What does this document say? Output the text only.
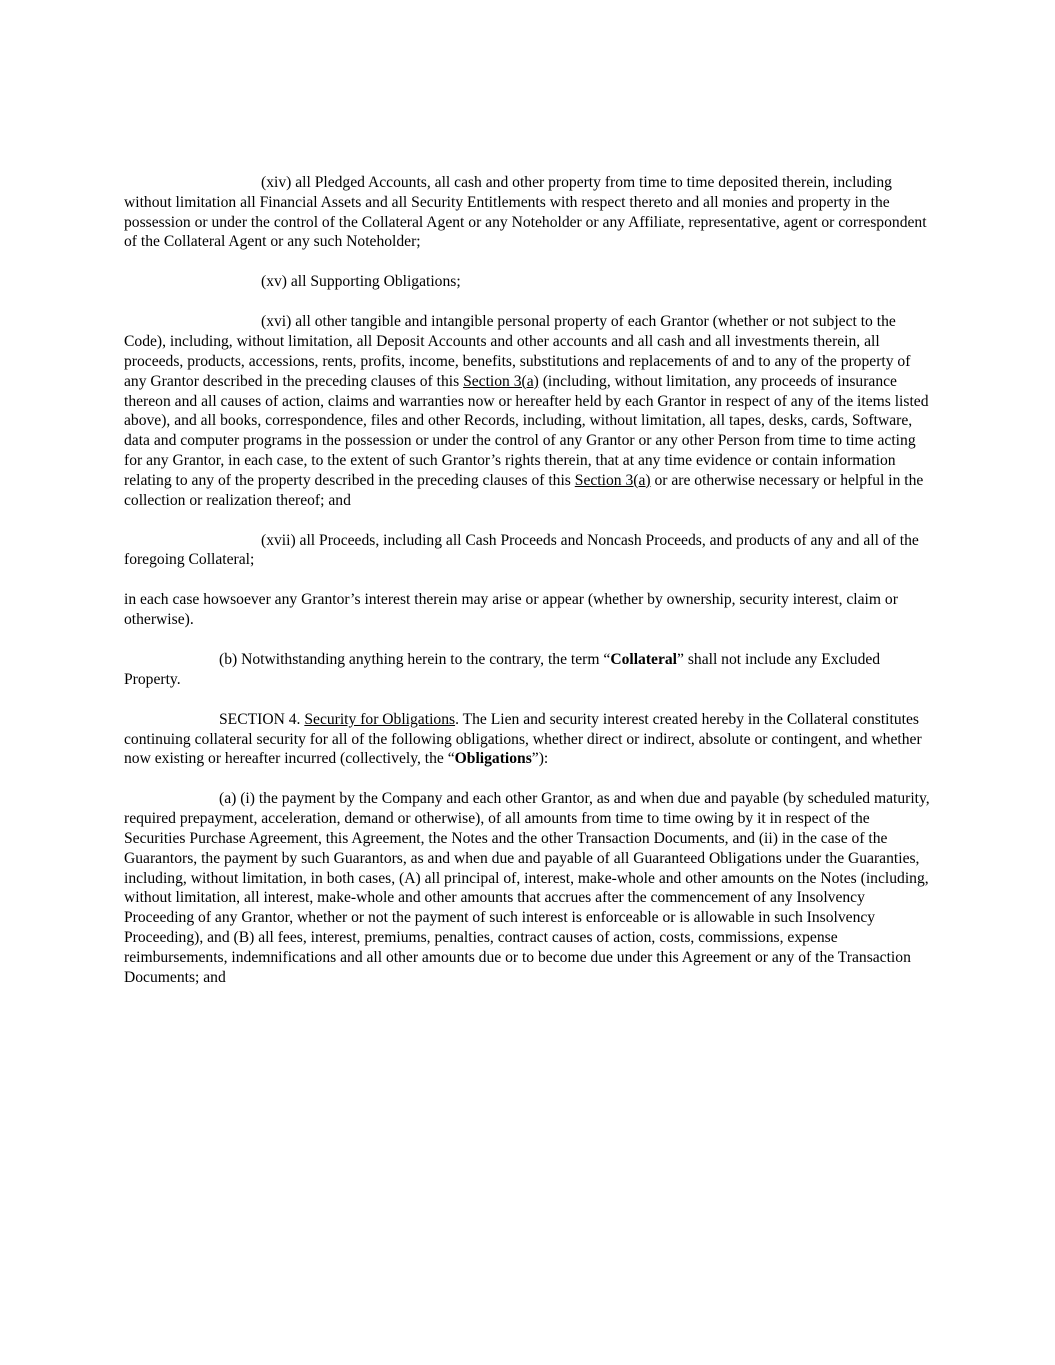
(xiv) all Pledged Accounts, all cash and other property from time to time deposited therein, including without limitation all Financial Assets and all Security Entitlements with respect thereto and all monies and property in the possession or under the control of the Collateral Agent or any Noteholder or any Affiliate, representative, agent or correspondent of the Collateral Agent or any such Noteholder;

(xv) all Supporting Obligations;

(xvi) all other tangible and intangible personal property of each Grantor (whether or not subject to the Code), including, without limitation, all Deposit Accounts and other accounts and all cash and all investments therein, all proceeds, products, accessions, rents, profits, income, benefits, substitutions and replacements of and to any of the property of any Grantor described in the preceding clauses of this Section 3(a) (including, without limitation, any proceeds of insurance thereon and all causes of action, claims and warranties now or hereafter held by each Grantor in respect of any of the items listed above), and all books, correspondence, files and other Records, including, without limitation, all tapes, desks, cards, Software, data and computer programs in the possession or under the control of any Grantor or any other Person from time to time acting for any Grantor, in each case, to the extent of such Grantor’s rights therein, that at any time evidence or contain information relating to any of the property described in the preceding clauses of this Section 3(a) or are otherwise necessary or helpful in the collection or realization thereof; and

(xvii) all Proceeds, including all Cash Proceeds and Noncash Proceeds, and products of any and all of the foregoing Collateral;

in each case howsoever any Grantor’s interest therein may arise or appear (whether by ownership, security interest, claim or otherwise).

(b) Notwithstanding anything herein to the contrary, the term “Collateral” shall not include any Excluded Property.

SECTION 4. Security for Obligations. The Lien and security interest created hereby in the Collateral constitutes continuing collateral security for all of the following obligations, whether direct or indirect, absolute or contingent, and whether now existing or hereafter incurred (collectively, the “Obligations”):

(a) (i) the payment by the Company and each other Grantor, as and when due and payable (by scheduled maturity, required prepayment, acceleration, demand or otherwise), of all amounts from time to time owing by it in respect of the Securities Purchase Agreement, this Agreement, the Notes and the other Transaction Documents, and (ii) in the case of the Guarantors, the payment by such Guarantors, as and when due and payable of all Guaranteed Obligations under the Guaranties, including, without limitation, in both cases, (A) all principal of, interest, make-whole and other amounts on the Notes (including, without limitation, all interest, make-whole and other amounts that accrues after the commencement of any Insolvency Proceeding of any Grantor, whether or not the payment of such interest is enforceable or is allowable in such Insolvency Proceeding), and (B) all fees, interest, premiums, penalties, contract causes of action, costs, commissions, expense reimbursements, indemnifications and all other amounts due or to become due under this Agreement or any of the Transaction Documents; and
